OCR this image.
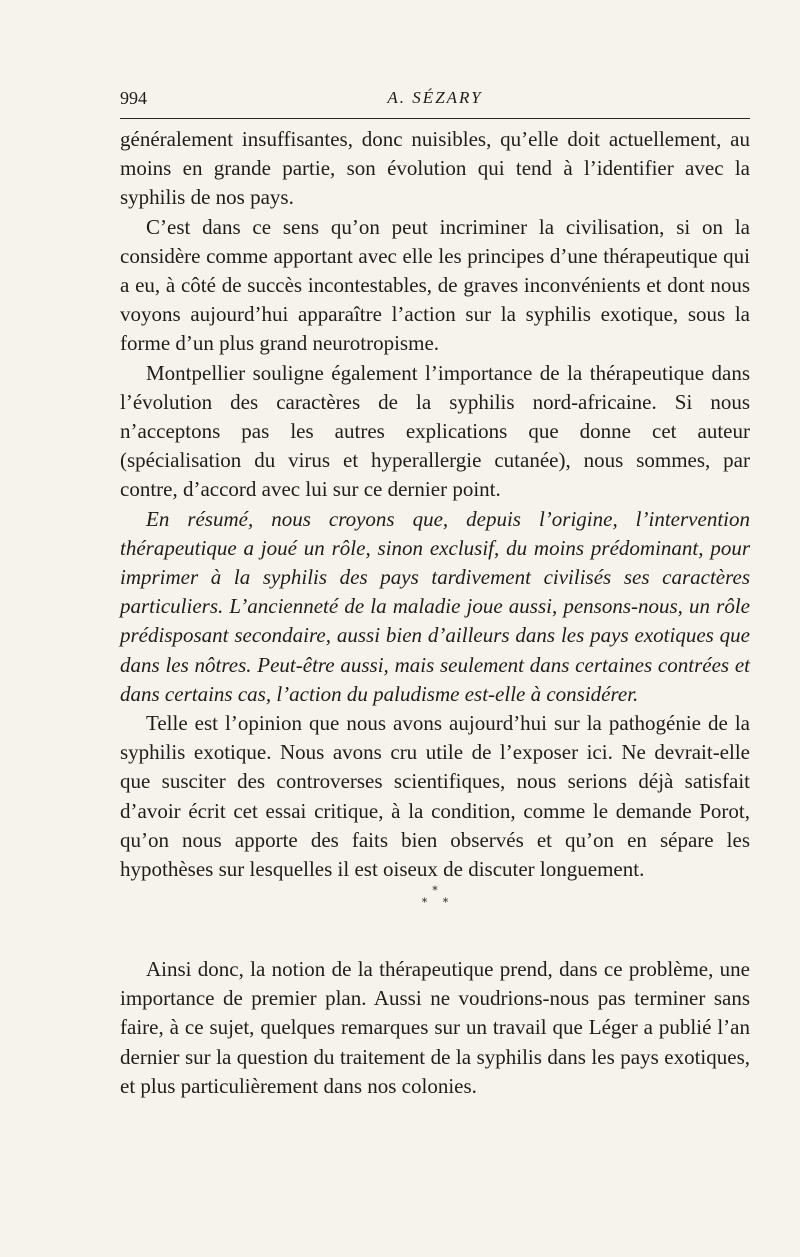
994	A. SÉZARY

généralement insuffisantes, donc nuisibles, qu’elle doit actuellement, au moins en grande partie, son évolution qui tend à l’identifier avec la syphilis de nos pays.

C’est dans ce sens qu’on peut incriminer la civilisation, si on la considère comme apportant avec elle les principes d’une thérapeutique qui a eu, à côté de succès incontestables, de graves inconvénients et dont nous voyons aujourd’hui apparaître l’action sur la syphilis exotique, sous la forme d’un plus grand neurotropisme.

Montpellier souligne également l’importance de la thérapeutique dans l’évolution des caractères de la syphilis nord-africaine. Si nous n’acceptons pas les autres explications que donne cet auteur (spécialisation du virus et hyperallergie cutanée), nous sommes, par contre, d’accord avec lui sur ce dernier point.

En résumé, nous croyons que, depuis l’origine, l’intervention thérapeutique a joué un rôle, sinon exclusif, du moins prédominant, pour imprimer à la syphilis des pays tardivement civilisés ses caractères particuliers. L’ancienneté de la maladie joue aussi, pensons-nous, un rôle prédisposant secondaire, aussi bien d’ailleurs dans les pays exotiques que dans les nôtres. Peut-être aussi, mais seulement dans certaines contrées et dans certains cas, l’action du paludisme est-elle à considérer.

Telle est l’opinion que nous avons aujourd’hui sur la pathogénie de la syphilis exotique. Nous avons cru utile de l’exposer ici. Ne devrait-elle que susciter des controverses scientifiques, nous serions déjà satisfait d’avoir écrit cet essai critique, à la condition, comme le demande Porot, qu’on nous apporte des faits bien observés et qu’on en sépare les hypothèses sur lesquelles il est oiseux de discuter longuement.

*
* *

Ainsi donc, la notion de la thérapeutique prend, dans ce problème, une importance de premier plan. Aussi ne voudrions-nous pas terminer sans faire, à ce sujet, quelques remarques sur un travail que Léger a publié l’an dernier sur la question du traitement de la syphilis dans les pays exotiques, et plus particulièrement dans nos colonies.
